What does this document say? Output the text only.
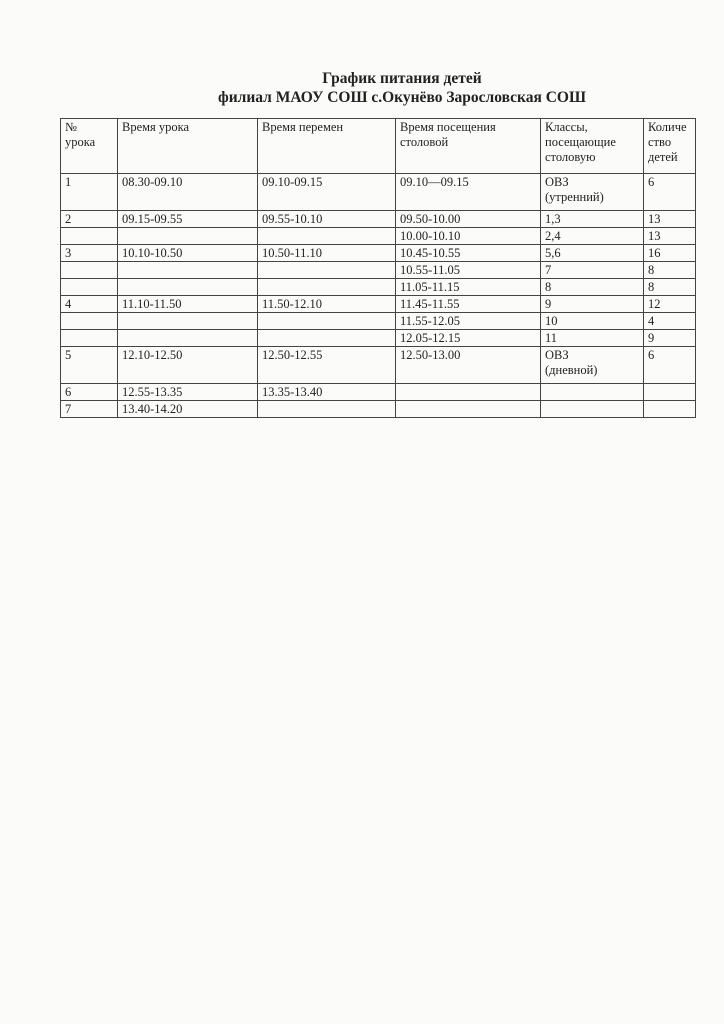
График питания детей
филиал МАОУ СОШ с.Окунёво Зарословская СОШ
№
урока	Время урока	Время перемен	Время посещения
столовой	Классы,
посещающие
столовую	Количе
ство
детей
1	08.30-09.10	09.10-09.15	09.10—09.15	ОВЗ
(утренний)	6
2	09.15-09.55	09.55-10.10	09.50-10.00	1,3	13
			10.00-10.10	2,4	13
3	10.10-10.50	10.50-11.10	10.45-10.55	5,6	16
			10.55-11.05	7	8
			11.05-11.15	8	8
4	11.10-11.50	11.50-12.10	11.45-11.55	9	12
			11.55-12.05	10	4
			12.05-12.15	11	9
5	12.10-12.50	12.50-12.55	12.50-13.00	ОВЗ
(дневной)	6
6	12.55-13.35	13.35-13.40			
7	13.40-14.20				
